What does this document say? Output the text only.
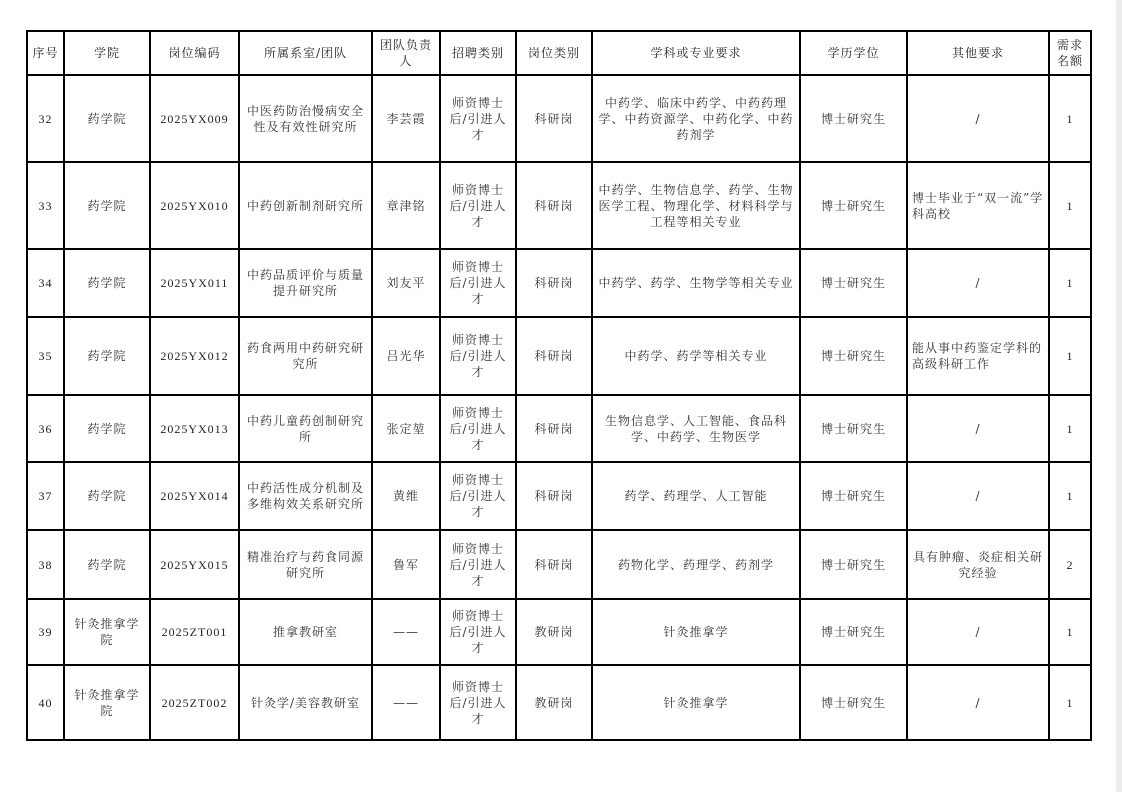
序号	学院	岗位编码	所属系室/团队	团队负责人	招聘类别	岗位类别	学科或专业要求	学历学位	其他要求	需求名额
32	药学院	2025YX009	中医药防治慢病安全性及有效性研究所	李芸霞	师资博士后/引进人才	科研岗	中药学、临床中药学、中药药理学、中药资源学、中药化学、中药药剂学	博士研究生	/	1
33	药学院	2025YX010	中药创新制剂研究所	章津铭	师资博士后/引进人才	科研岗	中药学、生物信息学、药学、生物医学工程、物理化学、材料科学与工程等相关专业	博士研究生	博士毕业于“双一流”学科高校	1
34	药学院	2025YX011	中药品质评价与质量提升研究所	刘友平	师资博士后/引进人才	科研岗	中药学、药学、生物学等相关专业	博士研究生	/	1
35	药学院	2025YX012	药食两用中药研究研究所	吕光华	师资博士后/引进人才	科研岗	中药学、药学等相关专业	博士研究生	能从事中药鉴定学科的高级科研工作	1
36	药学院	2025YX013	中药儿童药创制研究所	张定堃	师资博士后/引进人才	科研岗	生物信息学、人工智能、食品科学、中药学、生物医学	博士研究生	/	1
37	药学院	2025YX014	中药活性成分机制及多维构效关系研究所	黄维	师资博士后/引进人才	科研岗	药学、药理学、人工智能	博士研究生	/	1
38	药学院	2025YX015	精准治疗与药食同源研究所	鲁军	师资博士后/引进人才	科研岗	药物化学、药理学、药剂学	博士研究生	具有肿瘤、炎症相关研究经验	2
39	针灸推拿学院	2025ZT001	推拿教研室	——	师资博士后/引进人才	教研岗	针灸推拿学	博士研究生	/	1
40	针灸推拿学院	2025ZT002	针灸学/美容教研室	——	师资博士后/引进人才	教研岗	针灸推拿学	博士研究生	/	1
